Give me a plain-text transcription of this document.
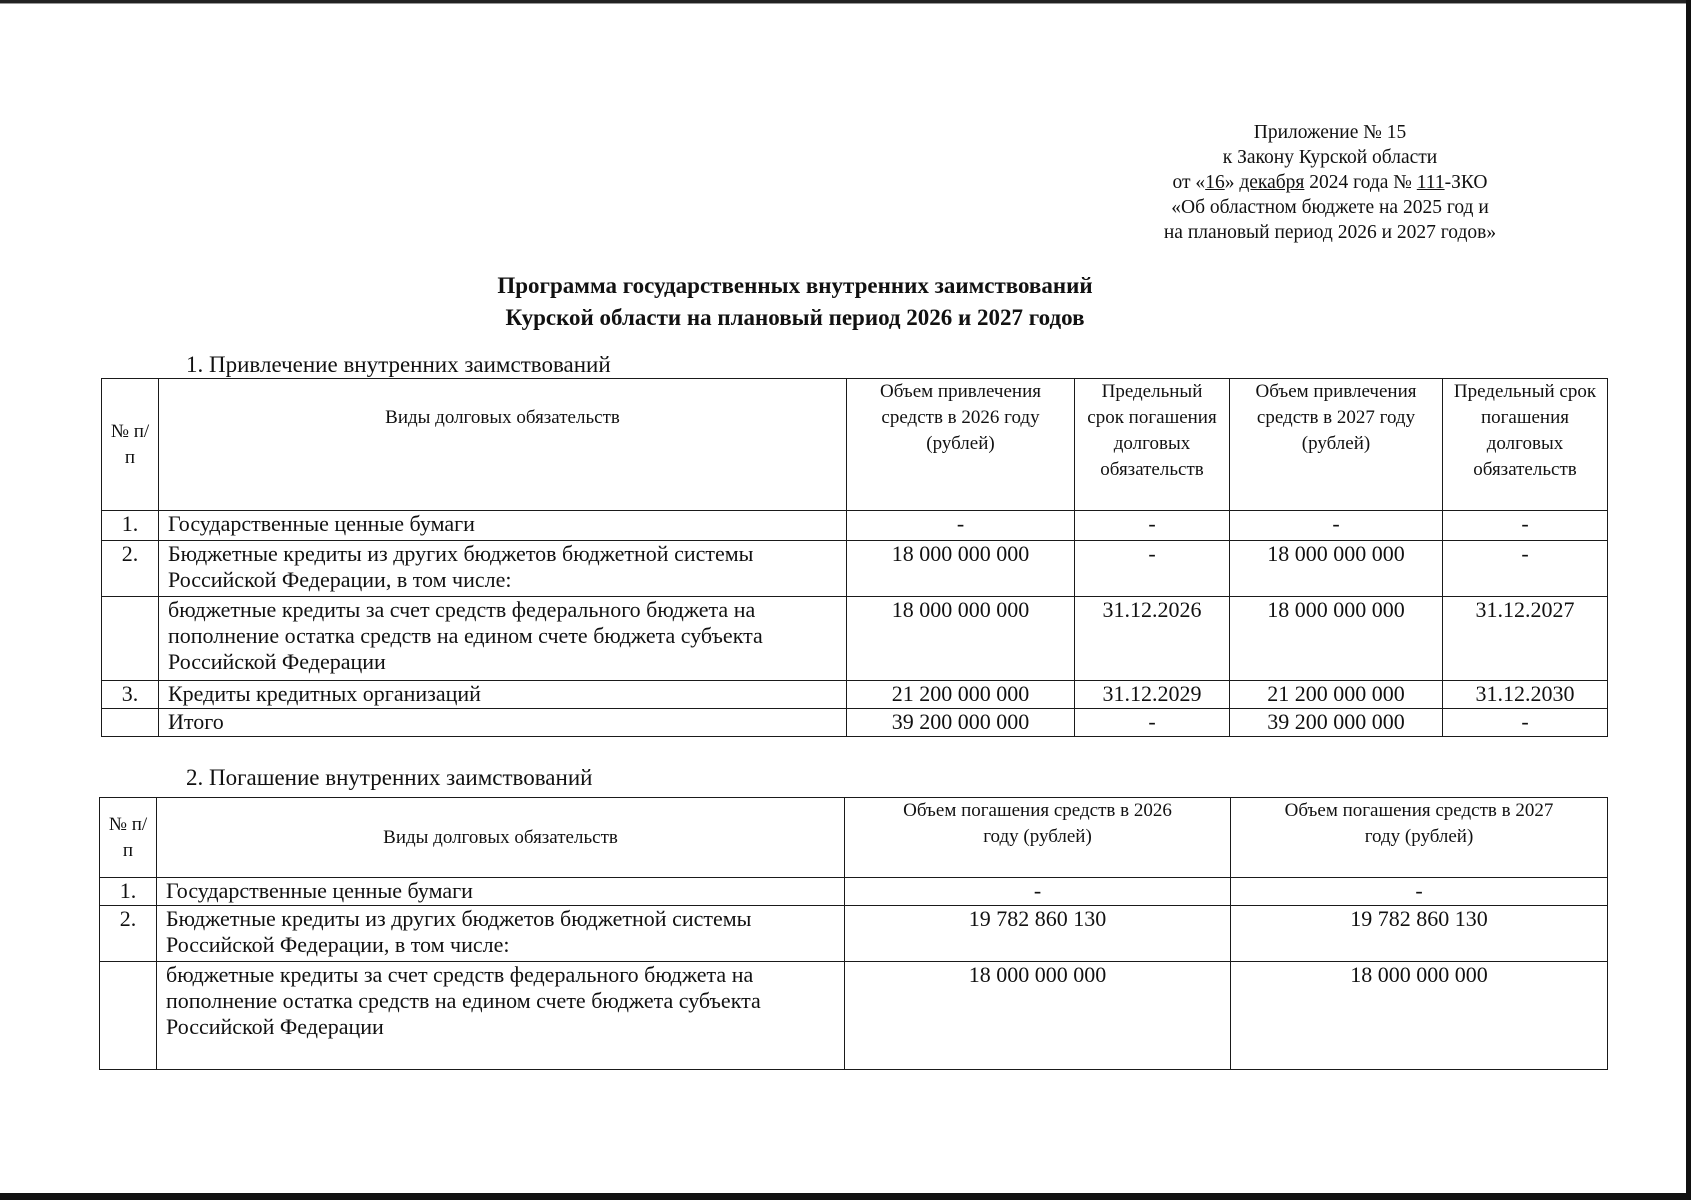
Приложение № 15
к Закону Курской области
от «16» декабря 2024 года № 111-ЗКО
«Об областном бюджете на 2025 год и
на плановый период 2026 и 2027 годов»
Программа государственных внутренних заимствований
Курской области на плановый период 2026 и 2027 годов
1. Привлечение внутренних заимствований
№ п/п	Виды долговых обязательств	Объем привлечения средств в 2026 году (рублей)	Предельный срок погашения долговых обязательств	Объем привлечения средств в 2027 году (рублей)	Предельный срок погашения долговых обязательств
1.	Государственные ценные бумаги	-	-	-	-
2.	Бюджетные кредиты из других бюджетов бюджетной системы Российской Федерации, в том числе:	18 000 000 000	-	18 000 000 000	-
	бюджетные кредиты за счет средств федерального бюджета на пополнение остатка средств на едином счете бюджета субъекта Российской Федерации	18 000 000 000	31.12.2026	18 000 000 000	31.12.2027
3.	Кредиты кредитных организаций	21 200 000 000	31.12.2029	21 200 000 000	31.12.2030
	Итого	39 200 000 000	-	39 200 000 000	-
2. Погашение внутренних заимствований
№ п/п	Виды долговых обязательств	Объем погашения средств в 2026 году (рублей)	Объем погашения средств в 2027 году (рублей)
1.	Государственные ценные бумаги	-	-
2.	Бюджетные кредиты из других бюджетов бюджетной системы Российской Федерации, в том числе:	19 782 860 130	19 782 860 130
	бюджетные кредиты за счет средств федерального бюджета на пополнение остатка средств на едином счете бюджета субъекта Российской Федерации	18 000 000 000	18 000 000 000
